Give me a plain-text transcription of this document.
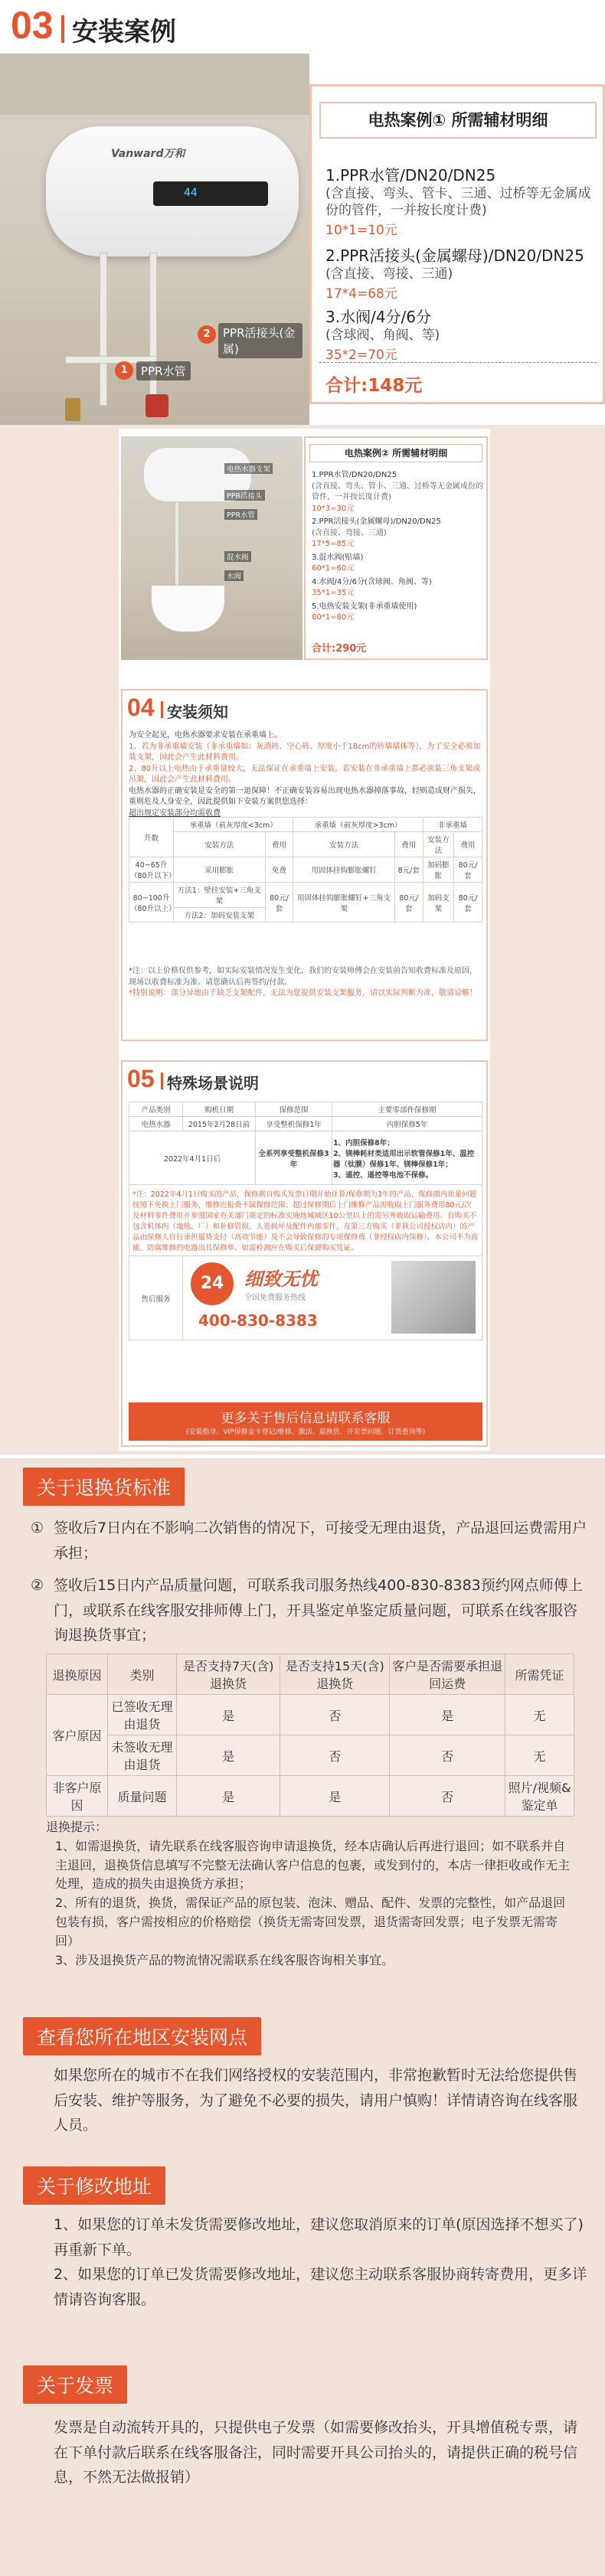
03 安装案例
Vanward万和
44
2	PPR活接头(金属)
1	PPR水管
电热案例① 所需辅材明细
1.PPR水管/DN20/DN25
(含直接、弯头、管卡、三通、过桥等无金属成份的管件，一并按长度计费)
10*1=10元
2.PPR活接头(金属螺母)/DN20/DN25
(含直接、弯接、三通)
17*4=68元
3.水阀/4分/6分
(含球阀、角阀、等)
35*2=70元
合计:148元
电热水器支架
PPR活接头
PPR水管
混水阀
水阀
电热案例② 所需辅材明细
1.PPR水管/DN20/DN25
(含直接、弯头、管卡、三通、过桥等无金属成份的管件，一并按长度计费)
10*3=30元
2.PPR活接头(金属螺母)/DN20/DN25
(含直接、弯接、三通)
17*5=85元
3.混水阀(贴墙)
60*1=60元
4.水阀/4分/6分(含球阀、角阀、等)
35*1=35元
5.电热安装支架(非承重墙使用)
80*1=80元
合计:290元
04 安装须知
为安全起见，电热水器要求安装在承重墙上。
1、若为非承重墙安装（非承重墙如：灰渣砖、空心砖、厚度小于18cm的砖墙墙体等），为了安全必须加装支架，因此会产生此材料费用。
2、80升以上电热由于承重量较大，无法保证在承重墙上安装，若安装在非承重墙上都必须装三角支架或吊架，因此会产生此材料费用。
电热水器的正确安装是安全的第一道保障！不正确安装容易出现电热水器掉落事故，轻则造成财产损失，重则危及人身安全，因此提供如下安装方案供您选择：
超出规定安装部分均需收费
升数	承重墙（前灰厚度<3cm）		承重墙（前灰厚度>3cm）		非承重墙	
	安装方法	费用	安装方法	费用	安装方法	费用
40~65升（80升以下）	采用膨胀	免费	用固体挂钩膨胀螺钉	8元/套	加码膨胀	80元/套
80~100升（80升以上）	方法1：壁挂安装+三角支架	80元/套	用固体挂钩膨胀螺钉+三角支架	80元/套	加码支架	80元/套
	方法2：加码安装支架					
*注：以上价格仅供参考，如实际安装情况发生变化，我们的安装师傅会在安装前告知收费标准及原因，现场以收费标准为准。请您确认后再签约/付款。
*特别说明：部分异地由于缺乏支架配件，无法为您提供安装支架服务，请以实际判断为准，敬请谅解！
05 特殊场景说明
产品类别	购机日期	保修范围	主要零部件保修期
电热水器	2015年2月28日前	享受整机保修1年	内胆保修5年
2022年4月1日后		全系列享受整机保修3年	1、内胆保修8年；
2、镁棒耗材类适用出示软管保修1年、温控器（钛膜）保修1年、镁棒保修1年；
3、遥控、遥控等电池不保修。

*注：2022年4月1日购买的产品，保修期自购买发票日期开始计算/保修期为3年的产品，保修期内质量问题按照下免换上门服务，维修迟报费不属保修范围；超过保修期后上门维修产品需收取上门服务费用80元/次及材料零件费用并参照国家有关部门规定的标准实施地城域区10公里以上的需另外收取运输费用。自购买不包含机体内（地毯、厂）和补修管损、人造损坏及配件内部零件，在第三方购买（非我公司授权店内）的产品由保修人自行承担退货支付（高效节能）及不会导致保修的专项保修费（非授权店内保修）。本公司不为高能、防腐维修的电器出具保修单。如需检测应在购买后保留购买凭证。			
售后服务	24 细致无忧
全国免费服务热线
400-830-8383		
更多关于售后信息请联系客服
(安装指导、VIP保修金卡登记/维修、激活、退换货、开发票问题、订货查询等)
关于退换货标准
① 签收后7日内在不影响二次销售的情况下，可接受无理由退货，产品退回运费需用户承担；
② 签收后15日内产品质量问题，可联系我司服务热线400-830-8383预约网点师傅上门，或联系在线客服安排师傅上门，开具鉴定单鉴定质量问题，可联系在线客服咨询退换货事宜；
退换原因	类别	是否支持7天(含)退换货	是否支持15天(含)退换货	客户是否需要承担退回运费	所需凭证
客户原因	已签收无理由退货	是	否	是	无
	未签收无理由退货	是	否	否	无
非客户原因	质量问题	是	是	否	照片/视频&鉴定单
退换提示：
1、如需退换货，请先联系在线客服咨询申请退换货，经本店确认后再进行退回；如不联系并自主退回，退换货信息填写不完整无法确认客户信息的包裹，或发到付的，本店一律拒收或作无主处理，造成的损失由退换货方承担；
2、所有的退货，换货，需保证产品的原包装、泡沫、赠品、配件、发票的完整性，如产品退回包装有损，客户需按相应的价格赔偿（换货无需寄回发票，退货需寄回发票；电子发票无需寄回）
3、涉及退换货产品的物流情况需联系在线客服咨询相关事宜。
查看您所在地区安装网点
如果您所在的城市不在我们网络授权的安装范围内，非常抱歉暂时无法给您提供售后安装、维护等服务，为了避免不必要的损失，请用户慎购！详情请咨询在线客服人员。
关于修改地址
1、如果您的订单未发货需要修改地址，建议您取消原来的订单(原因选择不想买了)再重新下单。
2、如果您的订单已发货需要修改地址，建议您主动联系客服协商转寄费用，更多详情请咨询客服。
关于发票
发票是自动流转开具的，只提供电子发票（如需要修改抬头，开具增值税专票，请在下单付款后联系在线客服备注，同时需要开具公司抬头的，请提供正确的税号信息，不然无法做报销）
